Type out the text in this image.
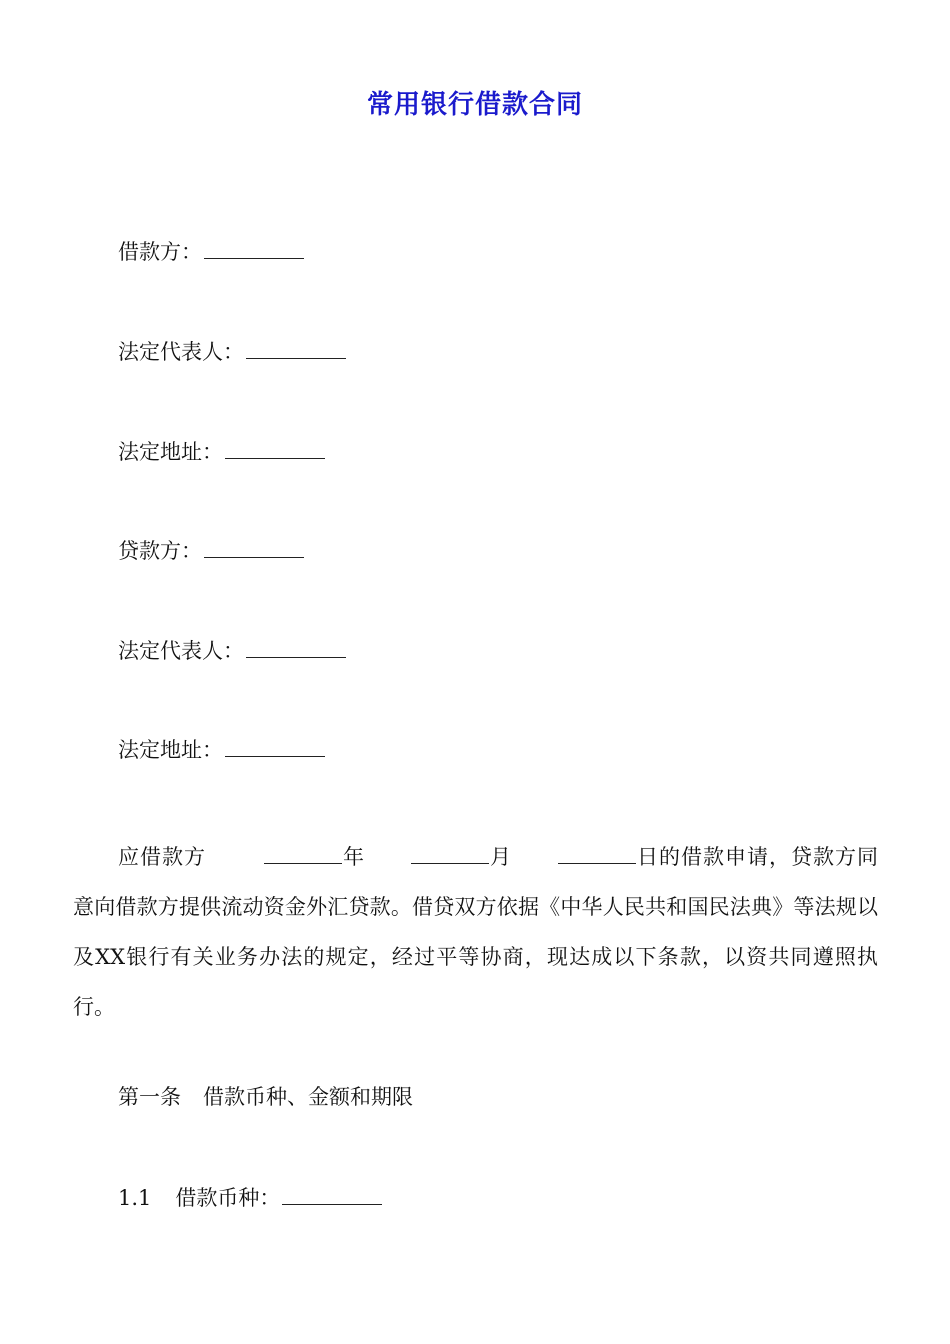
常用银行借款合同
借款方：
法定代表人：
法定地址：
贷款方：
法定代表人：
法定地址：
应借款方	年	月	日的借款申请，贷款方同意向借款方提供流动资金外汇贷款。借贷双方依据《中华人民共和国民法典》等法规以及XX银行有关业务办法的规定，经过平等协商，现达成以下条款，以资共同遵照执行。
第一条 借款币种、金额和期限
1.1 借款币种：
